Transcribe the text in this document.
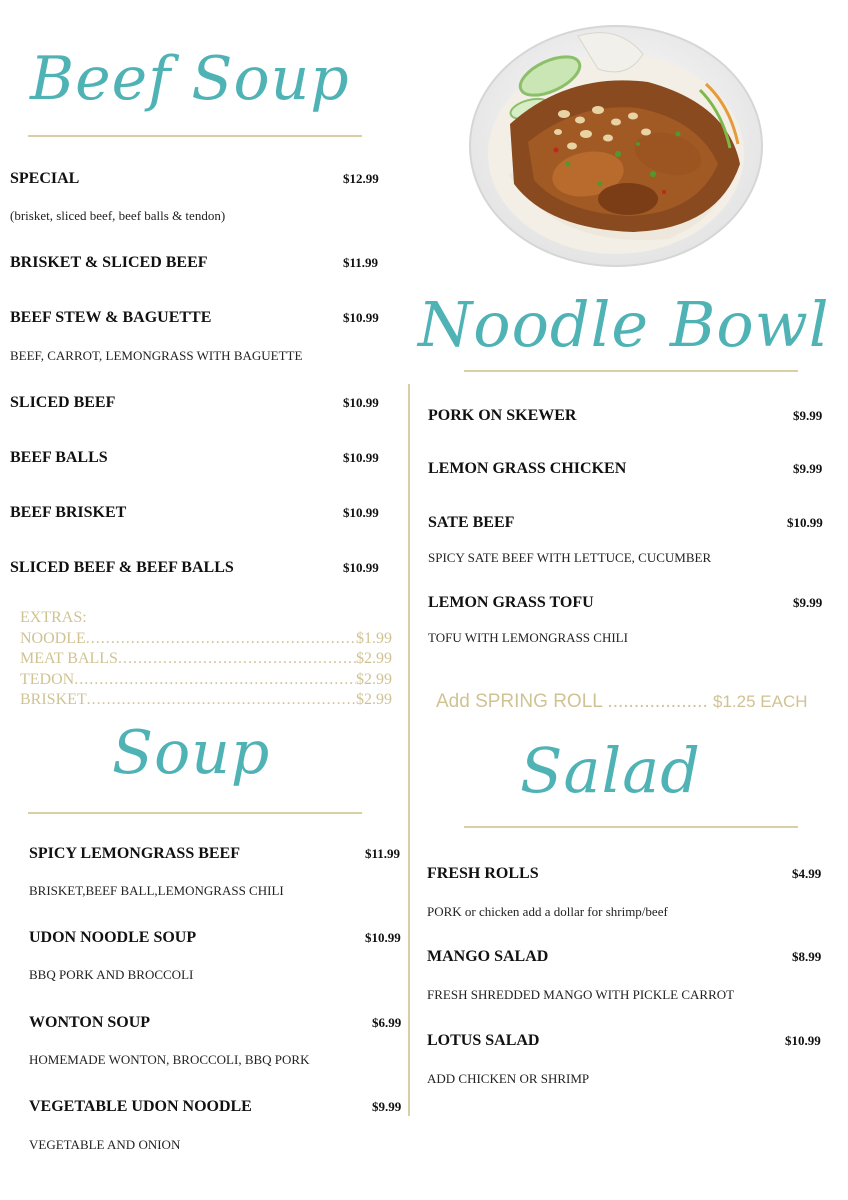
Beef Soup
SPECIAL	$12.99
(brisket, sliced beef, beef balls & tendon)
BRISKET & SLICED BEEF	$11.99
BEEF STEW & BAGUETTE	$10.99
BEEF, CARROT, LEMONGRASS WITH BAGUETTE
SLICED BEEF	$10.99
BEEF BALLS	$10.99
BEEF BRISKET	$10.99
SLICED BEEF & BEEF BALLS	$10.99
EXTRAS:
NOODLE .....	$1.99
MEAT BALLS .....	$2.99
TEDON .....	$2.99
BRISKET .....	$2.99
Soup
SPICY LEMONGRASS BEEF	$11.99
BRISKET,BEEF BALL,LEMONGRASS CHILI
UDON NOODLE SOUP	$10.99
BBQ PORK AND BROCCOLI
WONTON SOUP	$6.99
HOMEMADE WONTON, BROCCOLI, BBQ PORK
VEGETABLE UDON NOODLE	$9.99
VEGETABLE AND ONION
Noodle Bowl
PORK ON SKEWER	$9.99
LEMON GRASS CHICKEN	$9.99
SATE BEEF	$10.99
SPICY SATE BEEF WITH LETTUCE, CUCUMBER
LEMON GRASS TOFU	$9.99
TOFU WITH LEMONGRASS CHILI
Add SPRING ROLL ................... $1.25 EACH
Salad
FRESH ROLLS	$4.99
PORK or chicken add a dollar for shrimp/beef
MANGO SALAD	$8.99
FRESH SHREDDED MANGO WITH PICKLE CARROT
LOTUS SALAD	$10.99
ADD CHICKEN OR SHRIMP
